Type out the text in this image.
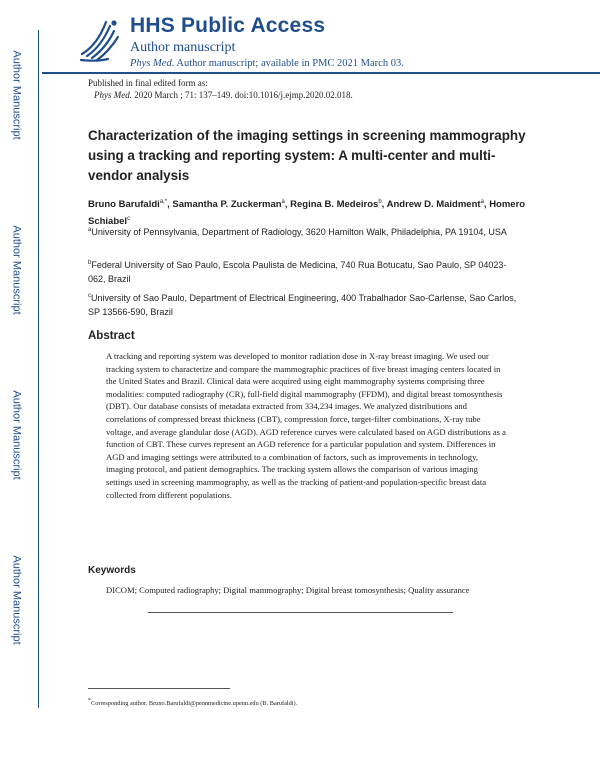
Author Manuscript
Author Manuscript
Author Manuscript
Author Manuscript
HHS Public Access
Author manuscript
Phys Med. Author manuscript; available in PMC 2021 March 03.
Published in final edited form as:
Phys Med. 2020 March ; 71: 137–149. doi:10.1016/j.ejmp.2020.02.018.
Characterization of the imaging settings in screening mammography using a tracking and reporting system: A multi-center and multi-vendor analysis
Bruno Barufaldi$^{a,*}$, Samantha P. Zuckerman$^a$, Regina B. Medeiros$^b$, Andrew D. Maidment$^a$, Homero Schiabel$^c$
$^a$University of Pennsylvania, Department of Radiology, 3620 Hamilton Walk, Philadelphia, PA 19104, USA
$^b$Federal University of Sao Paulo, Escola Paulista de Medicina, 740 Rua Botucatu, Sao Paulo, SP 04023-062, Brazil
$^c$University of Sao Paulo, Department of Electrical Engineering, 400 Trabalhador Sao-Carlense, Sao Carlos, SP 13566-590, Brazil
Abstract
A tracking and reporting system was developed to monitor radiation dose in X-ray breast imaging. We used our tracking system to characterize and compare the mammographic practices of five breast imaging centers located in the United States and Brazil. Clinical data were acquired using eight mammography systems comprising three modalities: computed radiography (CR), full-field digital mammography (FFDM), and digital breast tomosynthesis (DBT). Our database consists of metadata extracted from 334,234 images. We analyzed distributions and correlations of compressed breast thickness (CBT), compression force, target-filter combinations, X-ray tube voltage, and average glandular dose (AGD). AGD reference curves were calculated based on AGD distributions as a function of CBT. These curves represent an AGD reference for a particular population and system. Differences in AGD and imaging settings were attributed to a combination of factors, such as improvements in technology, imaging protocol, and patient demographics. The tracking system allows the comparison of various imaging settings used in screening mammography, as well as the tracking of patient-and population-specific breast data collected from different populations.
Keywords
DICOM; Computed radiography; Digital mammography; Digital breast tomosynthesis; Quality assurance
*Corresponding author. Bruno.Barufaldi@pennmedicine.upenn.edu (B. Barufaldi).
